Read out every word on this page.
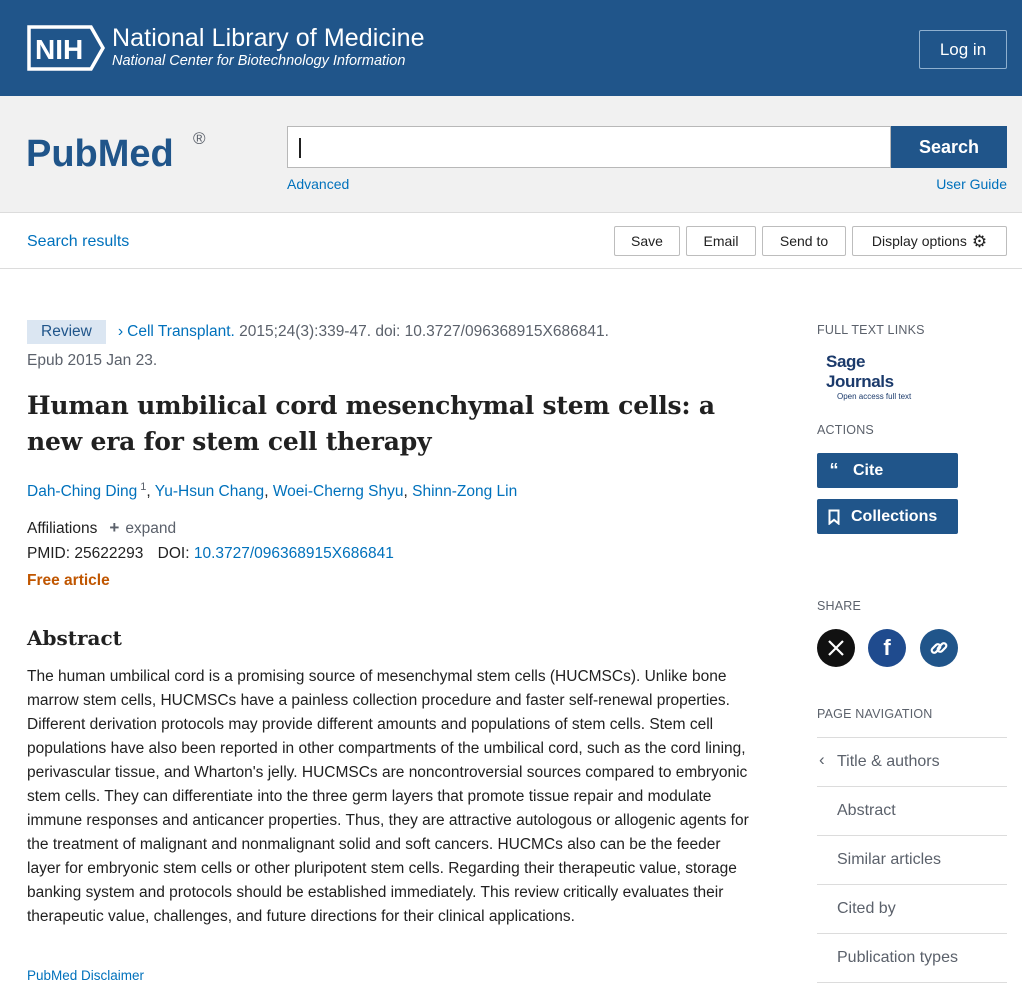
NIH National Library of Medicine
National Center for Biotechnology Information
Log in
PubMed ®	Search
Advanced	User Guide
Search results	Save	Email	Send to	Display options ⚙
Review › Cell Transplant. 2015;24(3):339-47. doi: 10.3727/096368915X686841.
Epub 2015 Jan 23.
Human umbilical cord mesenchymal stem cells: a new era for stem cell therapy
Dah-Ching Ding $^1$, Yu-Hsun Chang, Woei-Cherng Shyu, Shinn-Zong Lin
Affiliations + expand
PMID: 25622293 DOI: 10.3727/096368915X686841
Free article
Abstract

The human umbilical cord is a promising source of mesenchymal stem cells (HUCMSCs). Unlike bone marrow stem cells, HUCMSCs have a painless collection procedure and faster self-renewal properties. Different derivation protocols may provide different amounts and populations of stem cells. Stem cell populations have also been reported in other compartments of the umbilical cord, such as the cord lining, perivascular tissue, and Wharton's jelly. HUCMSCs are noncontroversial sources compared to embryonic stem cells. They can differentiate into the three germ layers that promote tissue repair and modulate immune responses and anticancer properties. Thus, they are attractive autologous or allogenic agents for the treatment of malignant and nonmalignant solid and soft cancers. HUCMCs also can be the feeder layer for embryonic stem cells or other pluripotent stem cells. Regarding their therapeutic value, storage banking system and protocols should be established immediately. This review critically evaluates their therapeutic value, challenges, and future directions for their clinical applications.

PubMed Disclaimer
FULL TEXT LINKS
Sage Journals
Open access full text
ACTIONS
“ Cite
Collections
SHARE
f
PAGE NAVIGATION
‹ Title & authors
Abstract
Similar articles
Cited by
Publication types
